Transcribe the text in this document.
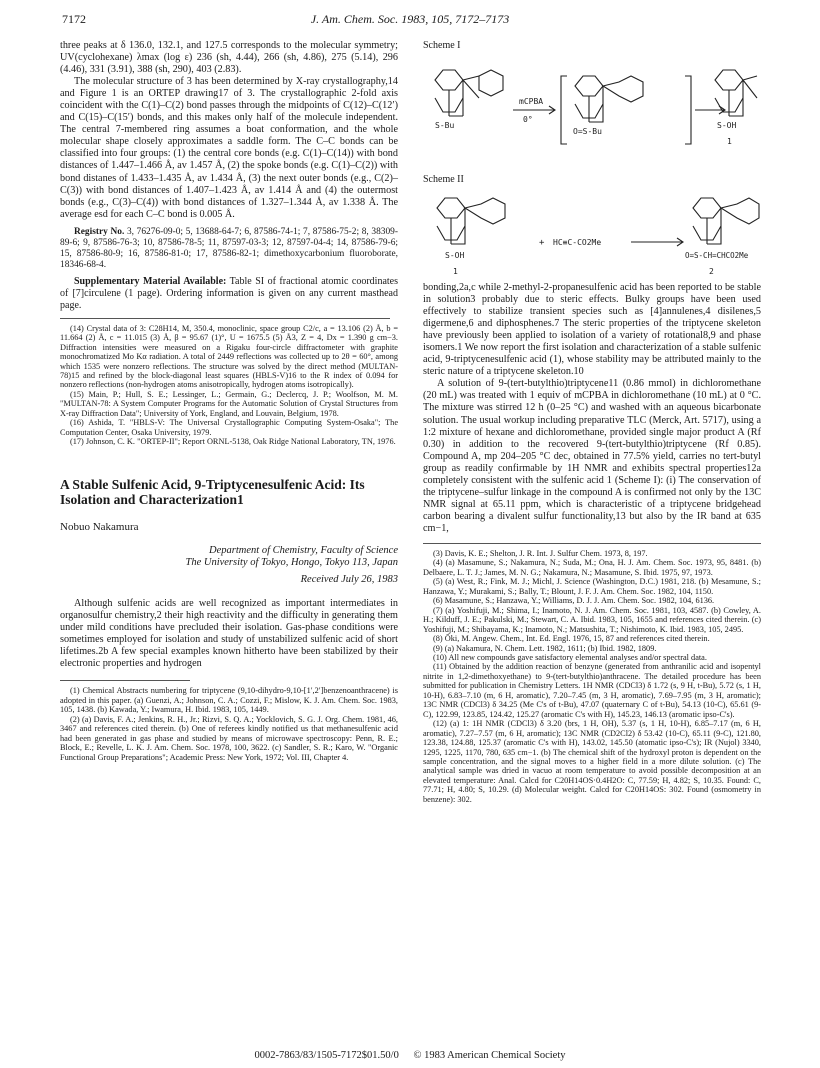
7172	J. Am. Chem. Soc. 1983, 105, 7172–7173

three peaks at δ 136.0, 132.1, and 127.5 corresponds to the molecular symmetry; UV(cyclohexane) λmax (log ε) 236 (sh, 4.44), 266 (sh, 4.86), 275 (5.14), 296 (4.46), 331 (3.91), 388 (sh, 290), 403 (2.83).

The molecular structure of 3 has been determined by X-ray crystallography,14 and Figure 1 is an ORTEP drawing17 of 3. The crystallographic 2-fold axis coincident with the C(1)–C(2) bond passes through the midpoints of C(12)–C(12′) and C(15)–C(15′) bonds, and this makes only half of the molecule independent. The central 7-membered ring assumes a boat conformation, and the whole molecular shape closely approximates a saddle form. The C–C bonds can be classified into four groups: (1) the central core bonds (e.g. C(1)–C(14)) with bond distances of 1.447–1.466 Å, av 1.457 Å, (2) the spoke bonds (e.g. C(1)–C(2)) with bond distanes of 1.433–1.435 Å, av 1.434 Å, (3) the next outer bonds (e.g., C(2)–C(3)) with bond distances of 1.407–1.423 Å, av 1.414 Å and (4) the outermost bonds (e.g., C(3)–C(4)) with bond distances of 1.327–1.344 Å, av 1.338 Å. The average esd for each C–C bond is 0.005 Å.

Registry No. 3, 76276-09-0; 5, 13688-64-7; 6, 87586-74-1; 7, 87586-75-2; 8, 38309-89-6; 9, 87586-76-3; 10, 87586-78-5; 11, 87597-03-3; 12, 87597-04-4; 14, 87586-79-6; 15, 87586-80-9; 16, 87586-81-0; 17, 87586-82-1; dimethoxycarbonium fluoroborate, 18346-68-4.

Supplementary Material Available: Table SI of fractional atomic coordinates of [7]circulene (1 page). Ordering information is given on any current masthead page.

(14) Crystal data of 3: C28H14, M, 350.4, monoclinic, space group C2/c, a = 13.106 (2) Å, b = 11.664 (2) Å, c = 11.015 (3) Å, β = 95.67 (1)°, U = 1675.5 (5) Å3, Z = 4, Dx = 1.390 g cm−3. Diffraction intensities were measured on a Rigaku four-circle diffractometer with graphite monochromatized Mo Kα radiation. A total of 2449 reflections was collected up to 2θ = 60°, among which 1535 were nonzero reflections. The structure was solved by the direct method (MULTAN-78)15 and refined by the block-diagonal least squares (HBLS-V)16 to the R index of 0.094 for nonzero reflections (non-hydrogen atoms anisotropically, hydrogen atoms isotropically).

(15) Main, P.; Hull, S. E.; Lessinger, L.; Germain, G.; Declercq, J. P.; Woolfson, M. M. "MULTAN-78: A System Computer Programs for the Automatic Solution of Crystal Structures from X-ray Diffraction Data"; University of York, England, and Louvain, Belgium, 1978.

(16) Ashida, T. "HBLS-V: The Universal Crystallographic Computing System-Osaka"; The Computation Center, Osaka University, 1979.

(17) Johnson, C. K. "ORTEP-II"; Report ORNL-5138, Oak Ridge National Laboratory, TN, 1976.

A Stable Sulfenic Acid, 9-Triptycenesulfenic Acid: Its Isolation and Characterization1

Nobuo Nakamura

Department of Chemistry, Faculty of Science

The University of Tokyo, Hongo, Tokyo 113, Japan

Received July 26, 1983

Although sulfenic acids are well recognized as important intermediates in organosulfur chemistry,2 their high reactivity and the difficulty in generating them under mild conditions have precluded their isolation. Gas-phase conditions were sometimes employed for isolation and study of unstabilized sulfenic acid of short lifetimes.2b A few special examples known hitherto have been stabilized by their electronic properties and hydrogen

(1) Chemical Abstracts numbering for triptycene (9,10-dihydro-9,10-[1′,2′]benzenoanthracene) is adopted in this paper. (a) Guenzi, A.; Johnson, C. A.; Cozzi, F.; Mislow, K. J. Am. Chem. Soc. 1983, 105, 1438. (b) Kawada, Y.; Iwamura, H. Ibid. 1983, 105, 1449.

(2) (a) Davis, F. A.; Jenkins, R. H., Jr.; Rizvi, S. Q. A.; Yocklovich, S. G. J. Org. Chem. 1981, 46, 3467 and references cited therein. (b) One of referees kindly notified us that methanesulfenic acid had been generated in gas phase and studied by means of microwave spectroscopy: Penn, R. E.; Block, E.; Revelle, L. K. J. Am. Chem. Soc. 1978, 100, 3622. (c) Sandler, S. R.; Karo, W. "Organic Functional Group Preparations"; Academic Press: New York, 1972; Vol. III, Chapter 4.

Scheme I
mCPBA
0°
S-Bu
O=S-Bu
S-OH
1
Scheme II
S-OH
1
+ HC≡C-CO2Me
O=S-CH=CHCO2Me
2

bonding,2a,c while 2-methyl-2-propanesulfenic acid has been reported to be stable in solution3 probably due to steric effects. Bulky groups have been used effectively to stabilize transient species such as [4]annulenes,4 disilenes,5 digermene,6 and diphosphenes.7 The steric properties of the triptycene skeleton have previously been applied to isolation of a variety of rotational8,9 and phase isomers.1 We now report the first isolation and characterization of a stable sulfenic acid, 9-triptycenesulfenic acid (1), whose stability may be attributed mainly to the steric nature of a triptycene skeleton.10

A solution of 9-(tert-butylthio)triptycene11 (0.86 mmol) in dichloromethane (20 mL) was treated with 1 equiv of mCPBA in dichloromethane (10 mL) at 0 °C. The mixture was stirred 12 h (0–25 °C) and washed with an aqueous bicarbonate solution. The usual workup including preparative TLC (Merck, Art. 5717), using a 1:2 mixture of hexane and dichloromethane, provided single major product A (Rf 0.30) in addition to the recovered 9-(tert-butylthio)triptycene (Rf 0.85). Compound A, mp 204–205 °C dec, obtained in 77.5% yield, carries no tert-butyl group as readily confirmable by 1H NMR and exhibits spectral properties12a completely consistent with the sulfenic acid 1 (Scheme I): (i) The conservation of the triptycene–sulfur linkage in the compound A is confirmed not only by the 13C NMR signal at 65.11 ppm, which is characteristic of a triptycene bridgehead carbon bearing a divalent sulfur functionality,13 but also by the IR band at 635 cm−1,

(3) Davis, K. E.; Shelton, J. R. Int. J. Sulfur Chem. 1973, 8, 197.

(4) (a) Masamune, S.; Nakamura, N.; Suda, M.; Ona, H. J. Am. Chem. Soc. 1973, 95, 8481. (b) Delbaere, L. T. J.; James, M. N. G.; Nakamura, N.; Masamune, S. Ibid. 1975, 97, 1973.

(5) (a) West, R.; Fink, M. J.; Michl, J. Science (Washington, D.C.) 1981, 218. (b) Mesamune, S.; Hanzawa, Y.; Murakami, S.; Bally, T.; Blount, J. F. J. Am. Chem. Soc. 1982, 104, 1150.

(6) Masamune, S.; Hanzawa, Y.; Williams, D. J. J. Am. Chem. Soc. 1982, 104, 6136.

(7) (a) Yoshifuji, M.; Shima, I.; Inamoto, N. J. Am. Chem. Soc. 1981, 103, 4587. (b) Cowley, A. H.; Kilduff, J. E.; Pakulski, M.; Stewart, C. A. Ibid. 1983, 105, 1655 and references cited therein. (c) Yoshifuji, M.; Shibayama, K.; Inamoto, N.; Matsushita, T.; Nishimoto, K. Ibid. 1983, 105, 2495.

(8) Ōki, M. Angew. Chem., Int. Ed. Engl. 1976, 15, 87 and references cited therein.

(9) (a) Nakamura, N. Chem. Lett. 1982, 1611; (b) Ibid. 1982, 1809.

(10) All new compounds gave satisfactory elemental analyses and/or spectral data.

(11) Obtained by the addition reaction of benzyne (generated from anthranilic acid and isopentyl nitrite in 1,2-dimethoxyethane) to 9-(tert-butylthio)anthracene. The detailed procedure has been submitted for publication in Chemistry Letters. 1H NMR (CDCl3) δ 1.72 (s, 9 H, t-Bu), 5.72 (s, 1 H, 10-H), 6.83–7.10 (m, 6 H, aromatic), 7.20–7.45 (m, 3 H, aromatic), 7.69–7.95 (m, 3 H, aromatic); 13C NMR (CDCl3) δ 34.25 (Me C's of t-Bu), 47.07 (quaternary C of t-Bu), 54.13 (10-C), 65.61 (9-C), 122.99, 123.85, 124.42, 125.27 (aromatic C's with H), 145.23, 146.13 (aromatic ipso-C's).

(12) (a) 1: 1H NMR (CDCl3) δ 3.20 (brs, 1 H, OH), 5.37 (s, 1 H, 10-H), 6.85–7.17 (m, 6 H, aromatic), 7.27–7.57 (m, 6 H, aromatic); 13C NMR (CD2Cl2) δ 53.42 (10-C), 65.11 (9-C), 121.80, 123.38, 124.88, 125.37 (aromatic C's with H), 143.02, 145.50 (atomatic ipso-C's); IR (Nujol) 3340, 1295, 1225, 1170, 780, 635 cm−1. (b) The chemical shift of the hydroxyl proton is dependent on the sample concentration, and the signal moves to a higher field in a more dilute solution. (c) The analytical sample was dried in vacuo at room temperature to avoid possible decomposition at an elevated temperature: Anal. Calcd for C20H14OS·0.4H2O: C, 77.59; H, 4.82; S, 10.35. Found: C, 77.71; H, 4.80; S, 10.29. (d) Molecular weight. Calcd for C20H14OS: 302. Found (osmometry in benzene): 302.

0002-7863/83/1505-7172$01.50/0 © 1983 American Chemical Society
